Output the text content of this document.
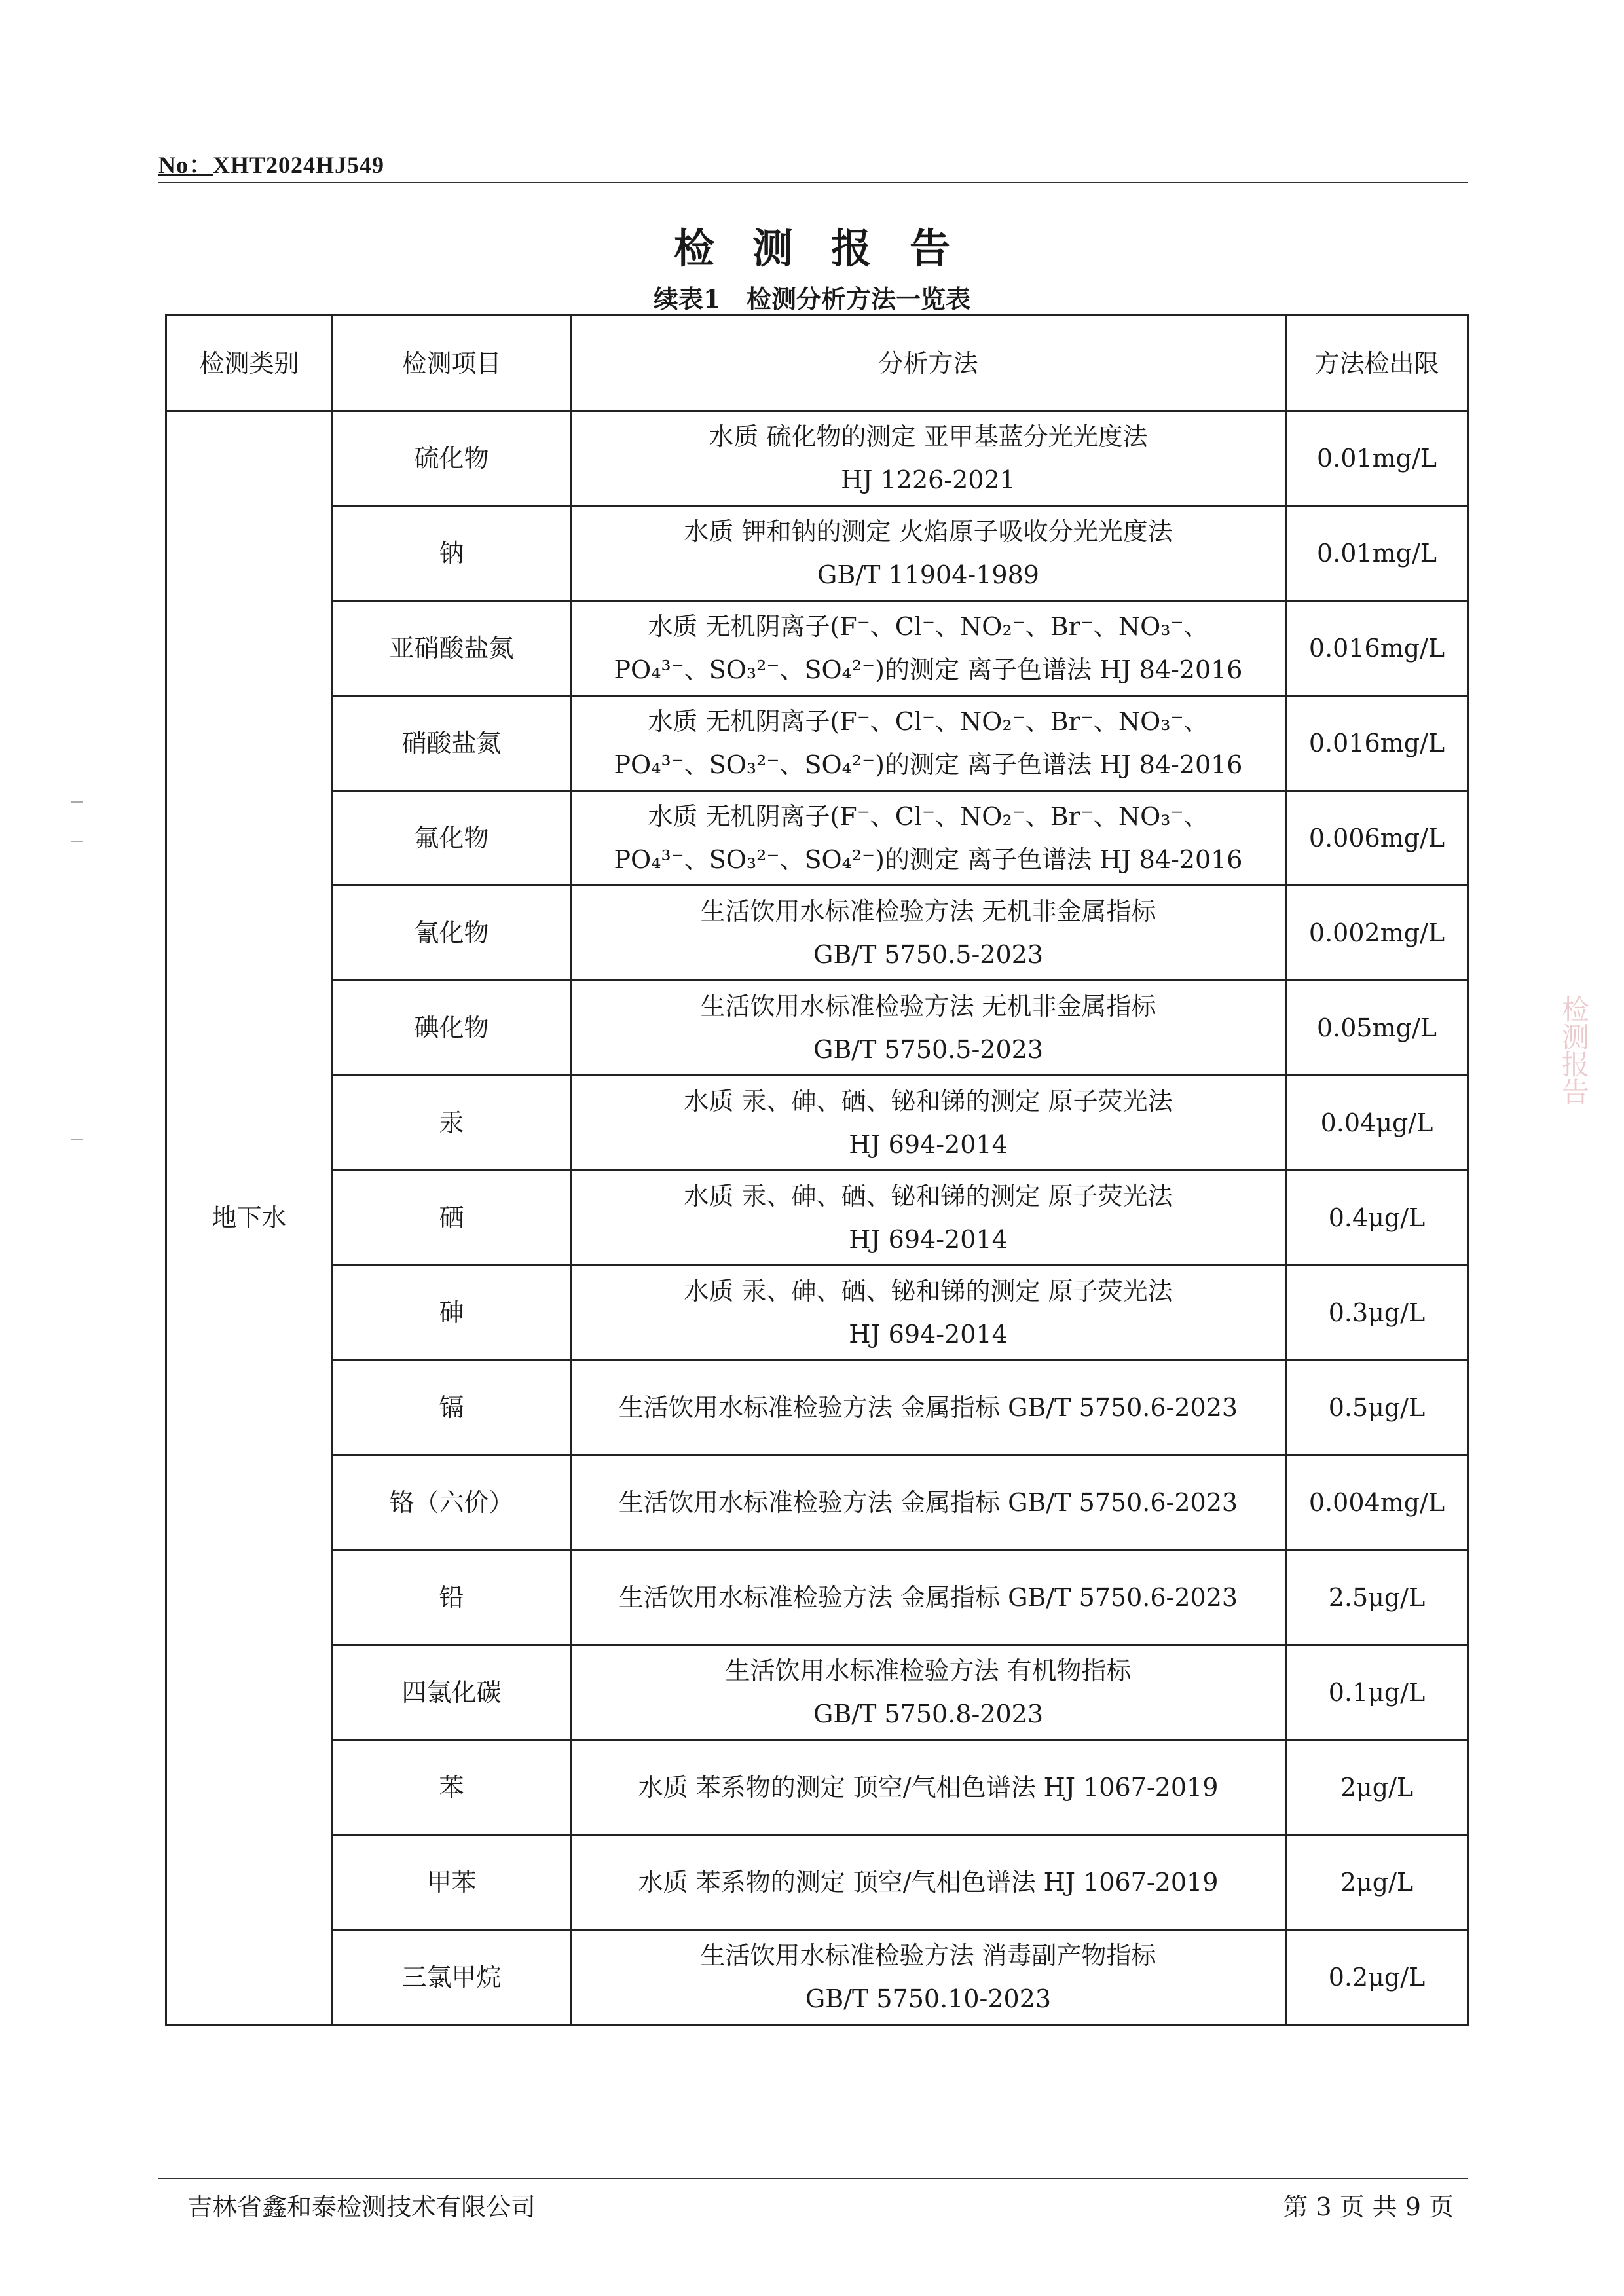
No：XHT2024HJ549
检测报告
续表1   检测分析方法一览表
检测类别	检测项目	分析方法	方法检出限
地下水	硫化物	水质 硫化物的测定 亚甲基蓝分光光度法
HJ 1226-2021	0.01mg/L
	钠	水质 钾和钠的测定 火焰原子吸收分光光度法
GB/T 11904-1989	0.01mg/L
	亚硝酸盐氮	水质 无机阴离子(F⁻、Cl⁻、NO₂⁻、Br⁻、NO₃⁻、
PO₄³⁻、SO₃²⁻、SO₄²⁻)的测定 离子色谱法 HJ 84-2016	0.016mg/L
	硝酸盐氮	水质 无机阴离子(F⁻、Cl⁻、NO₂⁻、Br⁻、NO₃⁻、
PO₄³⁻、SO₃²⁻、SO₄²⁻)的测定 离子色谱法 HJ 84-2016	0.016mg/L
	氟化物	水质 无机阴离子(F⁻、Cl⁻、NO₂⁻、Br⁻、NO₃⁻、
PO₄³⁻、SO₃²⁻、SO₄²⁻)的测定 离子色谱法 HJ 84-2016	0.006mg/L
	氰化物	生活饮用水标准检验方法 无机非金属指标
GB/T 5750.5-2023	0.002mg/L
	碘化物	生活饮用水标准检验方法 无机非金属指标
GB/T 5750.5-2023	0.05mg/L
	汞	水质 汞、砷、硒、铋和锑的测定 原子荧光法
HJ 694-2014	0.04μg/L
	硒	水质 汞、砷、硒、铋和锑的测定 原子荧光法
HJ 694-2014	0.4μg/L
	砷	水质 汞、砷、硒、铋和锑的测定 原子荧光法
HJ 694-2014	0.3μg/L
	镉	生活饮用水标准检验方法 金属指标 GB/T 5750.6-2023	0.5μg/L
	铬（六价）	生活饮用水标准检验方法 金属指标 GB/T 5750.6-2023	0.004mg/L
	铅	生活饮用水标准检验方法 金属指标 GB/T 5750.6-2023	2.5μg/L
	四氯化碳	生活饮用水标准检验方法 有机物指标
GB/T 5750.8-2023	0.1μg/L
	苯	水质 苯系物的测定 顶空/气相色谱法 HJ 1067-2019	2μg/L
	甲苯	水质 苯系物的测定 顶空/气相色谱法 HJ 1067-2019	2μg/L
	三氯甲烷	生活饮用水标准检验方法 消毒副产物指标
GB/T 5750.10-2023	0.2μg/L
吉林省鑫和泰检测技术有限公司	第 3 页 共 9 页
检测报告
